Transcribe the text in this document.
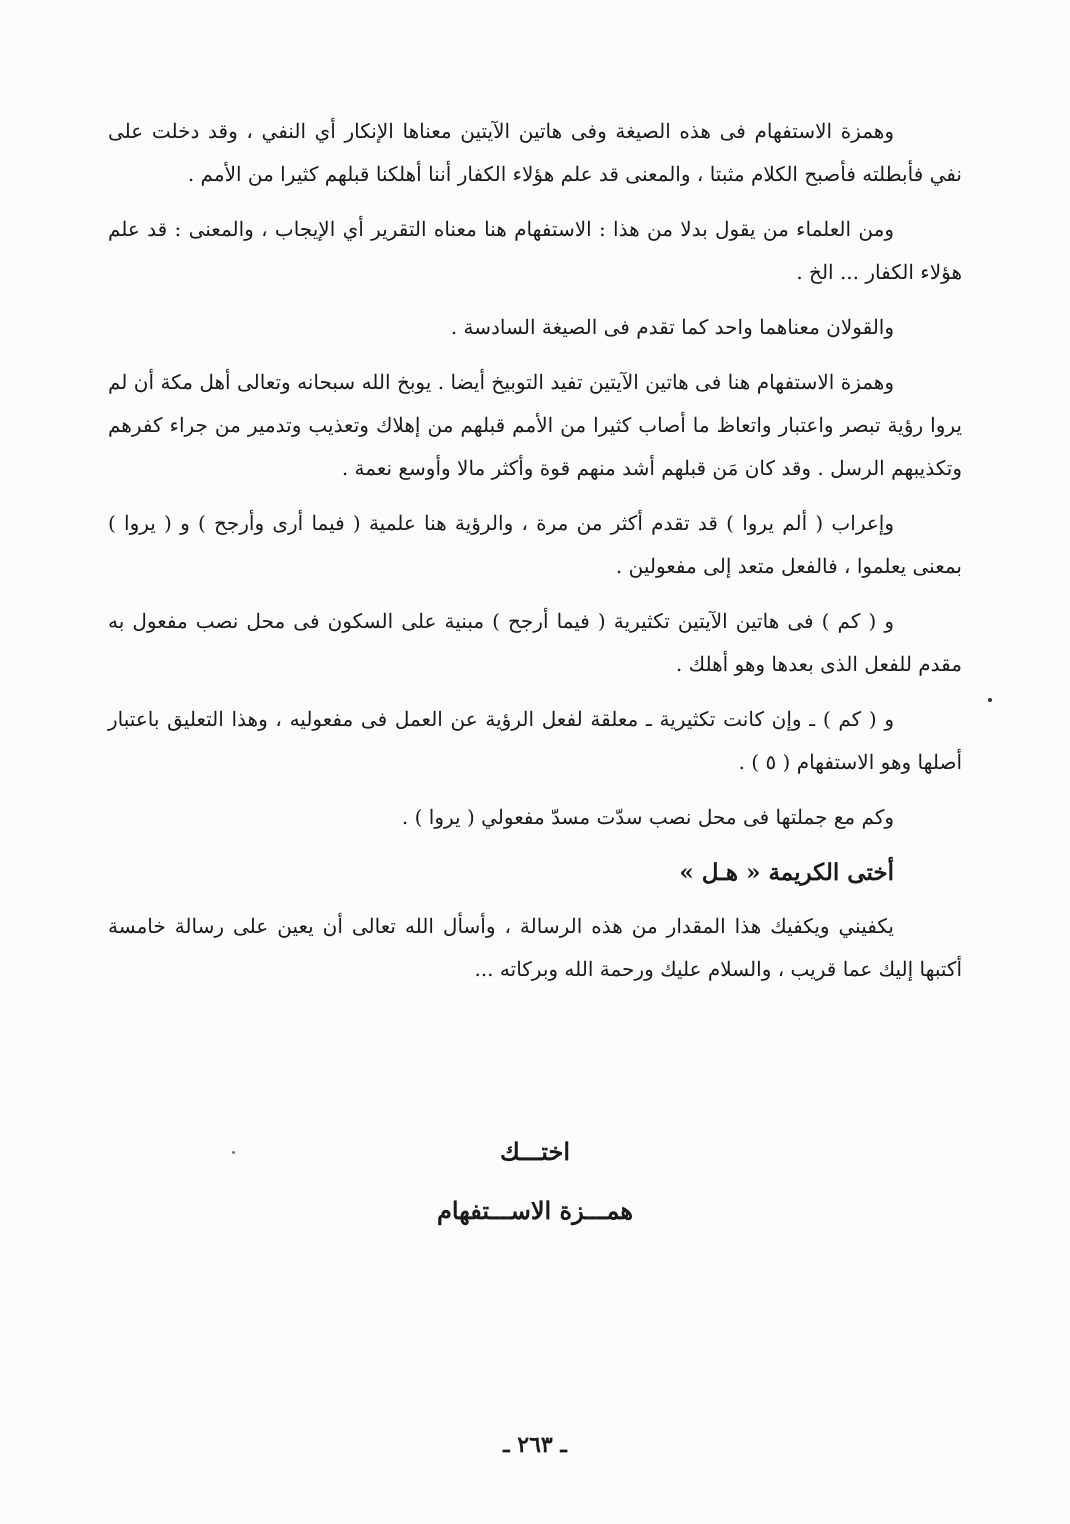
وهمزة الاستفهام فى هذه الصيغة وفى هاتين الآيتين معناها الإنكار أي النفي ، وقد دخلت على نفي فأبطلته فأصبح الكلام مثبتا ، والمعنى قد علم هؤلاء الكفار أننا أهلكنا قبلهم كثيرا من الأمم .

ومن العلماء من يقول بدلا من هذا : الاستفهام هنا معناه التقرير أي الإيجاب ، والمعنى : قد علم هؤلاء الكفار ... الخ .

والقولان معناهما واحد كما تقدم فى الصيغة السادسة .

وهمزة الاستفهام هنا فى هاتين الآيتين تفيد التوبيخ أيضا . يوبخ الله سبحانه وتعالى أهل مكة أن لم يروا رؤية تبصر واعتبار واتعاظ ما أصاب كثيرا من الأمم قبلهم من إهلاك وتعذيب وتدمير من جراء كفرهم وتكذيبهم الرسل . وقد كان مَن قبلهم أشد منهم قوة وأكثر مالا وأوسع نعمة .

وإعراب ( ألم يروا ) قد تقدم أكثر من مرة ، والرؤية هنا علمية ( فيما أرى وأرجح ) و ( يروا ) بمعنى يعلموا ، فالفعل متعد إلى مفعولين .

و ( كم ) فى هاتين الآيتين تكثيرية ( فيما أرجح ) مبنية على السكون فى محل نصب مفعول به مقدم للفعل الذى بعدها وهو أهلك .

و ( كم ) ـ وإن كانت تكثيرية ـ معلقة لفعل الرؤية عن العمل فى مفعوليه ، وهذا التعليق باعتبار أصلها وهو الاستفهام ( ٥ ) .

وكم مع جملتها فى محل نصب سدّت مسدّ مفعولي ( يروا ) .

أختى الكريمة « هـل »

يكفيني ويكفيك هذا المقدار من هذه الرسالة ، وأسأل الله تعالى أن يعين على رسالة خامسة أكتبها إليك عما قريب ، والسلام عليك ورحمة الله وبركاته ...

اختـــك
همـــزة الاســـتفهام
ـ ٢٦٣ ـ
